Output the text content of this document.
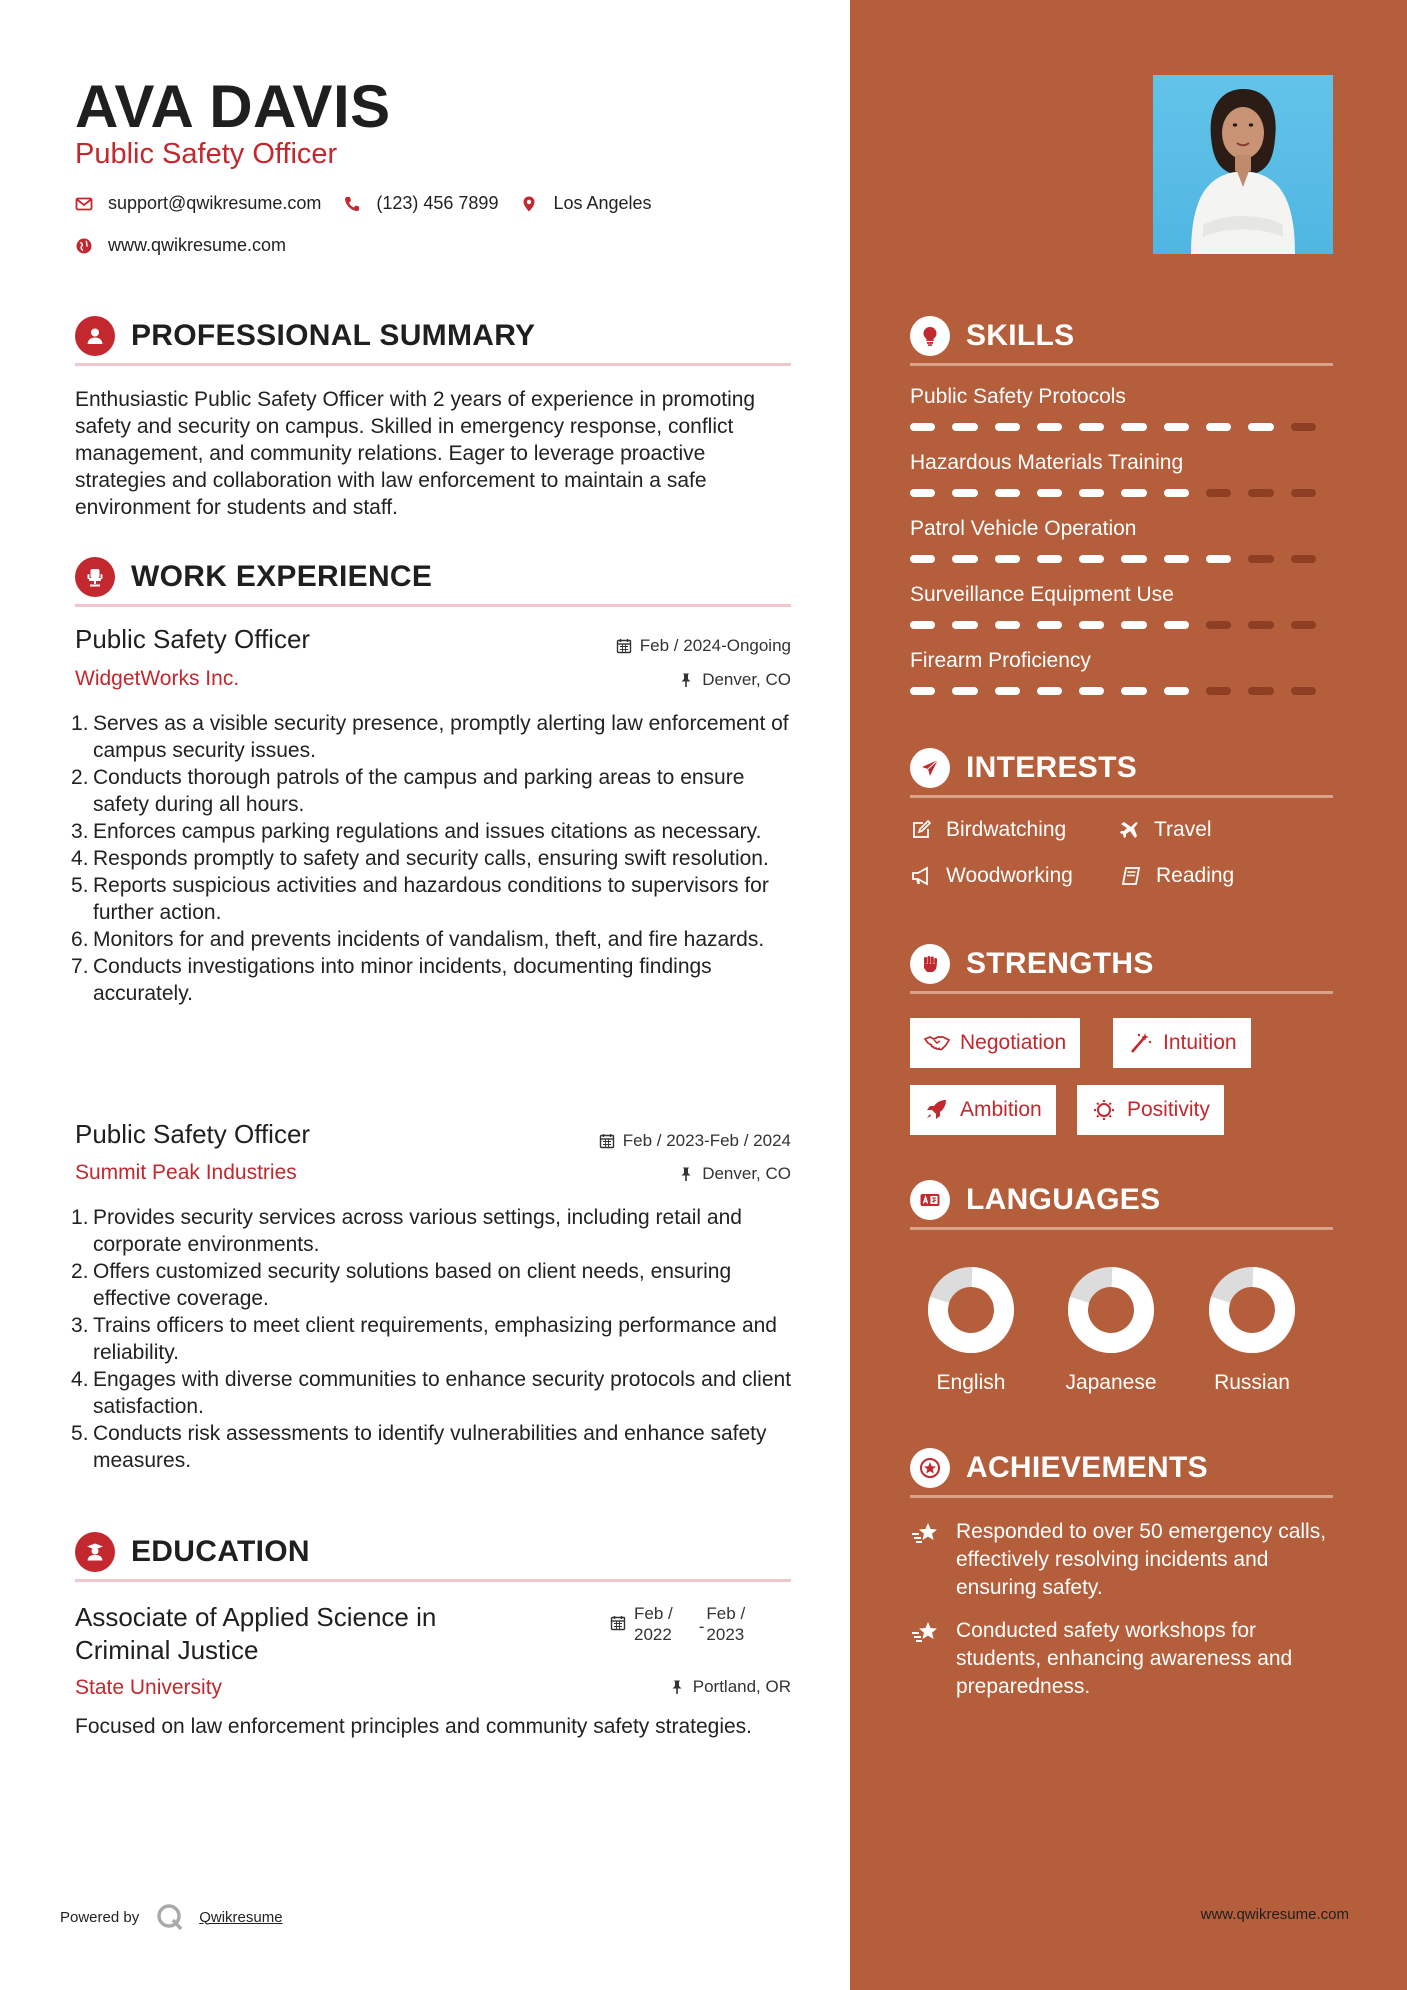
AVA DAVIS
Public Safety Officer
support@qwikresume.com	(123) 456 7899	Los Angeles
www.qwikresume.com
PROFESSIONAL SUMMARY
Enthusiastic Public Safety Officer with 2 years of experience in promoting safety and security on campus. Skilled in emergency response, conflict management, and community relations. Eager to leverage proactive strategies and collaboration with law enforcement to maintain a safe environment for students and staff.
WORK EXPERIENCE
Public Safety Officer	Feb / 2024-Ongoing
WidgetWorks Inc.	Denver, CO
Serves as a visible security presence, promptly alerting law enforcement of campus security issues.
Conducts thorough patrols of the campus and parking areas to ensure safety during all hours.
Enforces campus parking regulations and issues citations as necessary.
Responds promptly to safety and security calls, ensuring swift resolution.
Reports suspicious activities and hazardous conditions to supervisors for further action.
Monitors for and prevents incidents of vandalism, theft, and fire hazards.
Conducts investigations into minor incidents, documenting findings accurately.
Public Safety Officer	Feb / 2023-Feb / 2024
Summit Peak Industries	Denver, CO
Provides security services across various settings, including retail and corporate environments.
Offers customized security solutions based on client needs, ensuring effective coverage.
Trains officers to meet client requirements, emphasizing performance and reliability.
Engages with diverse communities to enhance security protocols and client satisfaction.
Conducts risk assessments to identify vulnerabilities and enhance safety measures.
EDUCATION
Associate of Applied Science in
Criminal Justice
Feb /
2022 -
Feb /
2023
State University	Portland, OR
Focused on law enforcement principles and community safety strategies.
Powered by	Qwikresume
SKILLS
Public Safety Protocols
Hazardous Materials Training
Patrol Vehicle Operation
Surveillance Equipment Use
Firearm Proficiency
INTERESTS
Birdwatching	Travel
Woodworking	Reading
STRENGTHS
Negotiation	Intuition
Ambition	Positivity
LANGUAGES
English	Japanese	Russian
ACHIEVEMENTS
Responded to over 50 emergency calls, effectively resolving incidents and ensuring safety.
Conducted safety workshops for students, enhancing awareness and preparedness.
www.qwikresume.com
